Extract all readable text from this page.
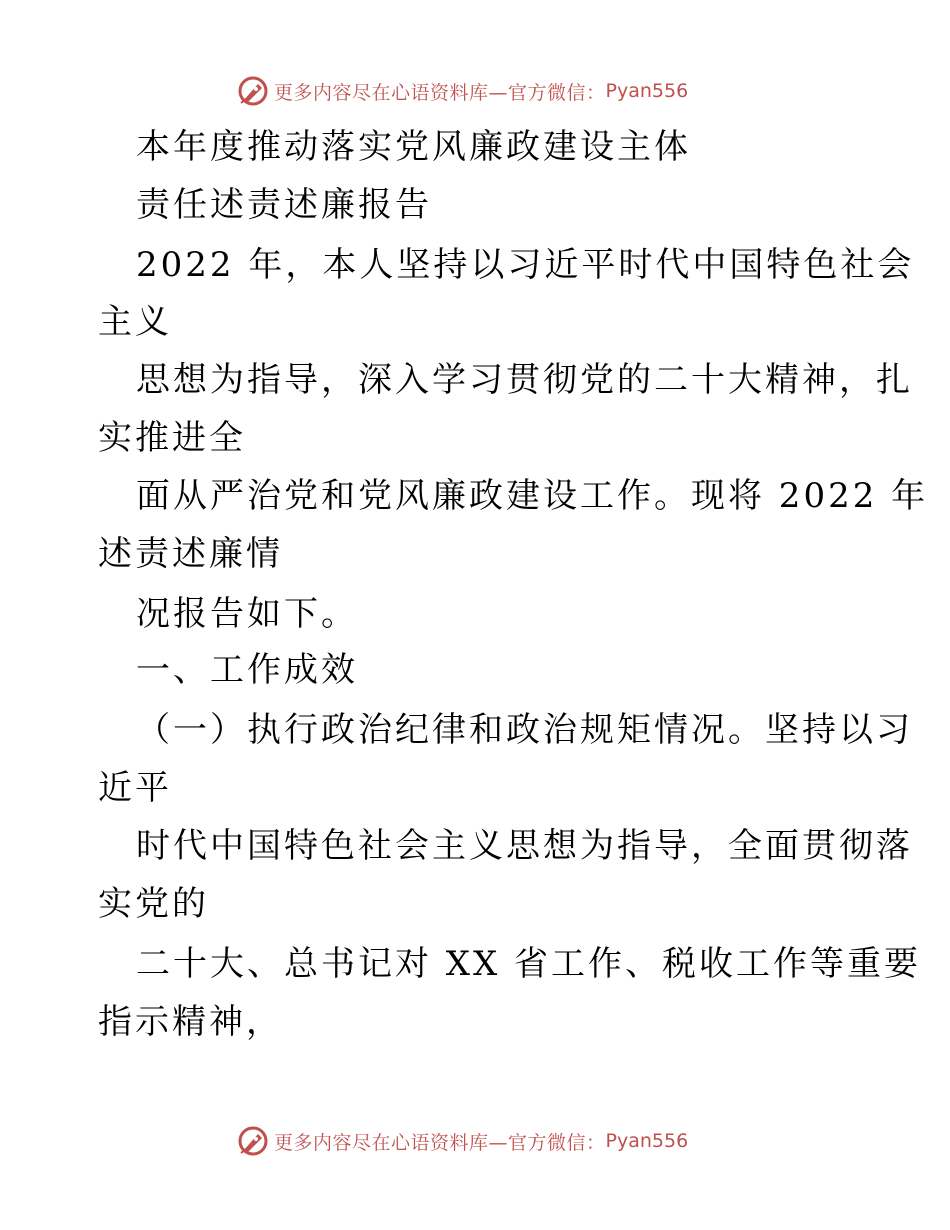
更多内容尽在心语资料库—官方微信： Pyan556
本年度推动落实党风廉政建设主体
责任述责述廉报告
2022 年，本人坚持以习近平时代中国特色社会
主义
思想为指导，深入学习贯彻党的二十大精神，扎
实推进全
面从严治党和党风廉政建设工作。现将 2022 年
述责述廉情
况报告如下。
一、工作成效
（一）执行政治纪律和政治规矩情况。坚持以习
近平
时代中国特色社会主义思想为指导，全面贯彻落
实党的
二十大、总书记对 XX 省工作、税收工作等重要
指示精神，
更多内容尽在心语资料库—官方微信： Pyan556
